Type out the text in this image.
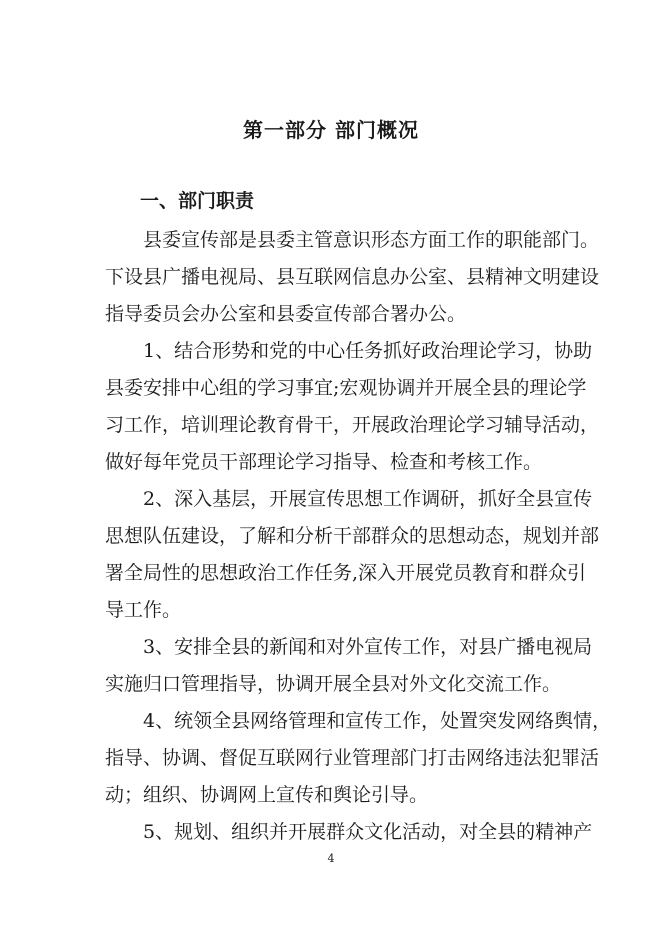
第一部分 部门概况
一、部门职责
县委宣传部是县委主管意识形态方面工作的职能部门。
下设县广播电视局、县互联网信息办公室、县精神文明建设
指导委员会办公室和县委宣传部合署办公。
1、结合形势和党的中心任务抓好政治理论学习，协助
县委安排中心组的学习事宜;宏观协调并开展全县的理论学
习工作，培训理论教育骨干，开展政治理论学习辅导活动，
做好每年党员干部理论学习指导、检查和考核工作。
2、深入基层，开展宣传思想工作调研，抓好全县宣传
思想队伍建设，了解和分析干部群众的思想动态，规划并部
署全局性的思想政治工作任务,深入开展党员教育和群众引
导工作。
3、安排全县的新闻和对外宣传工作，对县广播电视局
实施归口管理指导，协调开展全县对外文化交流工作。
4、统领全县网络管理和宣传工作，处置突发网络舆情，
指导、协调、督促互联网行业管理部门打击网络违法犯罪活
动；组织、协调网上宣传和舆论引导。
5、规划、组织并开展群众文化活动，对全县的精神产
4
